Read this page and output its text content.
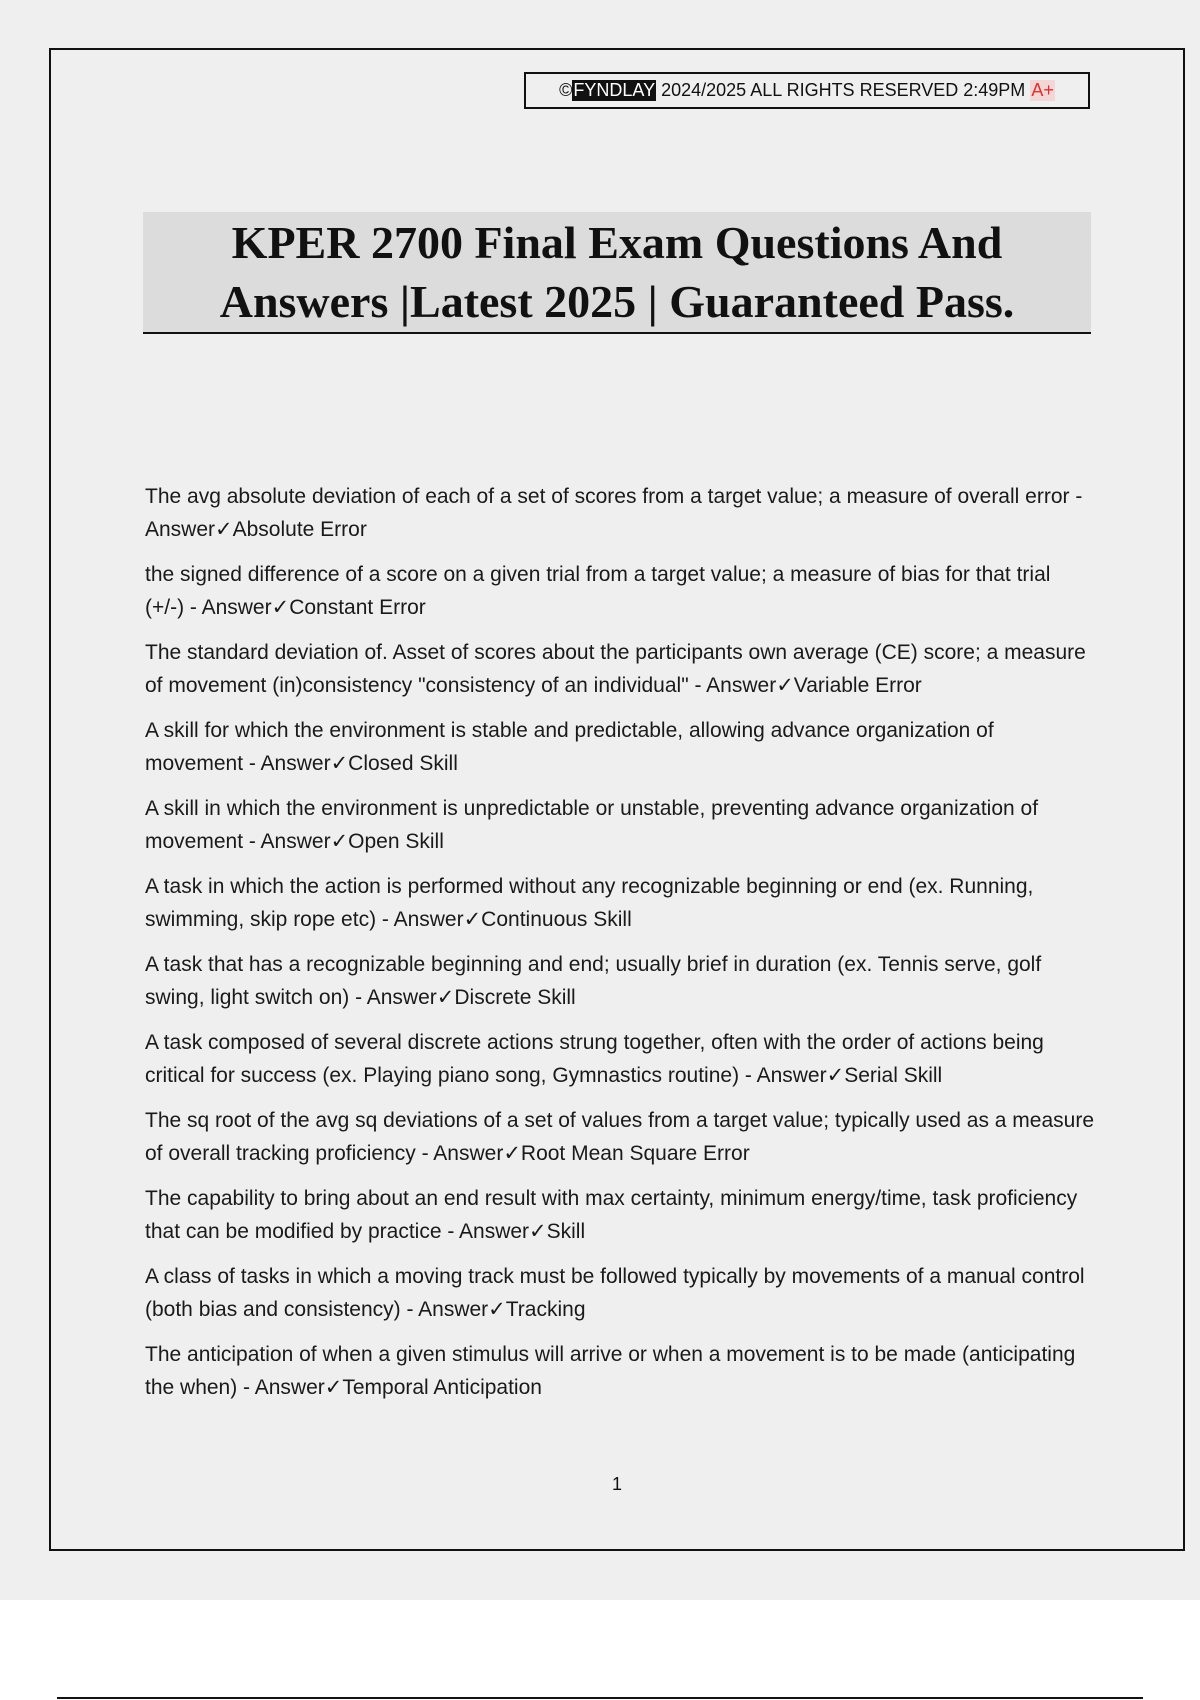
© FYNDLAY 2024/2025 ALL RIGHTS RESERVED 2:49PM A+
KPER 2700 Final Exam Questions And
Answers |Latest 2025 | Guaranteed Pass.
The avg absolute deviation of each of a set of scores from a target value; a measure of overall error - Answer✓Absolute Error
the signed difference of a score on a given trial from a target value; a measure of bias for that trial (+/-) - Answer✓Constant Error
The standard deviation of. Asset of scores about the participants own average (CE) score; a measure of movement (in)consistency "consistency of an individual" - Answer✓Variable Error
A skill for which the environment is stable and predictable, allowing advance organization of movement - Answer✓Closed Skill
A skill in which the environment is unpredictable or unstable, preventing advance organization of movement - Answer✓Open Skill
A task in which the action is performed without any recognizable beginning or end (ex. Running, swimming, skip rope etc) - Answer✓Continuous Skill
A task that has a recognizable beginning and end; usually brief in duration (ex. Tennis serve, golf swing, light switch on) - Answer✓Discrete Skill
A task composed of several discrete actions strung together, often with the order of actions being critical for success (ex. Playing piano song, Gymnastics routine) - Answer✓Serial Skill
The sq root of the avg sq deviations of a set of values from a target value; typically used as a measure of overall tracking proficiency - Answer✓Root Mean Square Error
The capability to bring about an end result with max certainty, minimum energy/time, task proficiency that can be modified by practice - Answer✓Skill
A class of tasks in which a moving track must be followed typically by movements of a manual control (both bias and consistency) - Answer✓Tracking
The anticipation of when a given stimulus will arrive or when a movement is to be made (anticipating the when) - Answer✓Temporal Anticipation
1
